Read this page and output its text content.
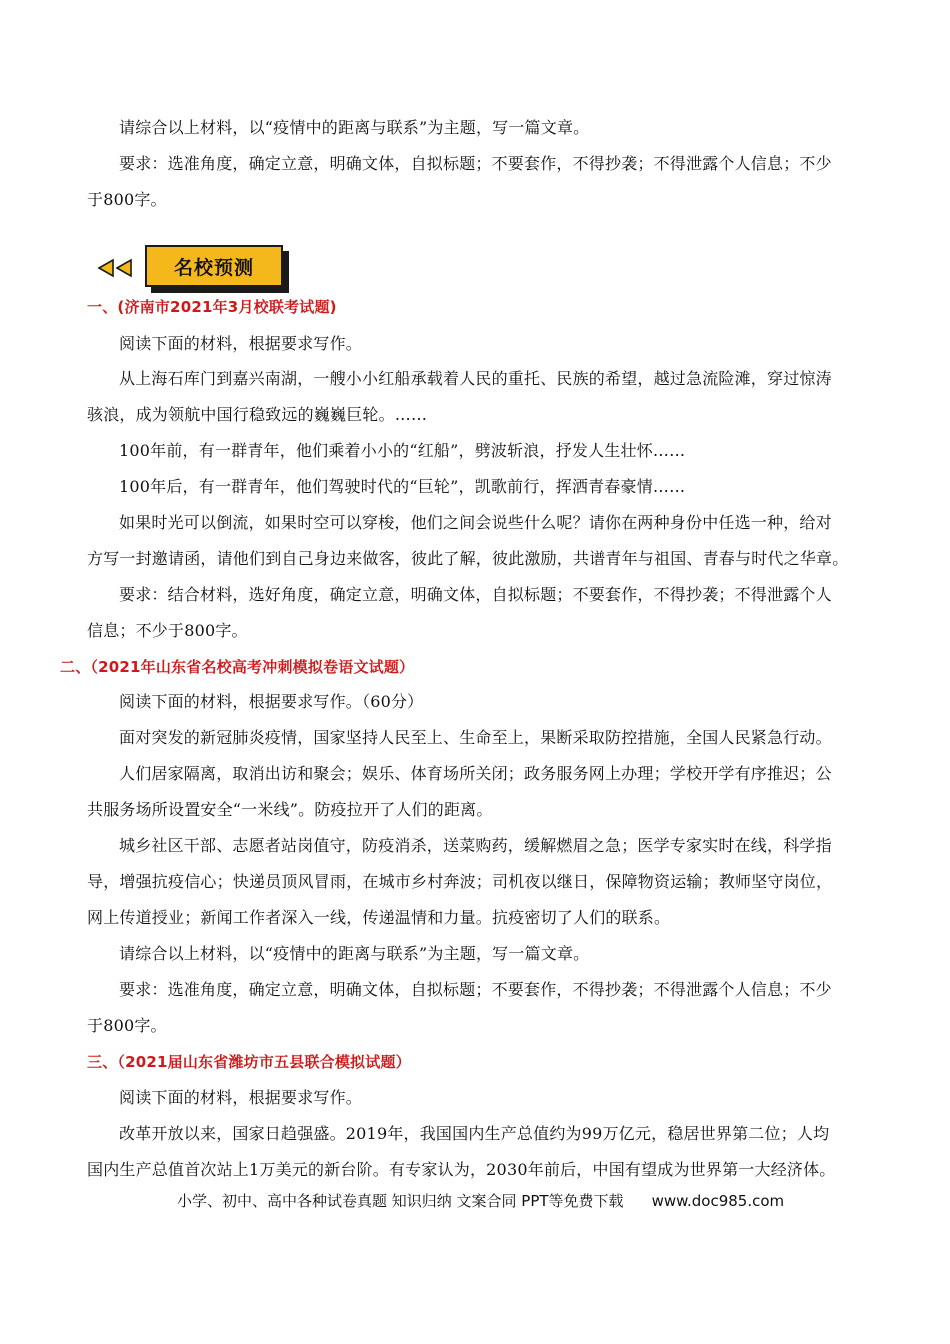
请综合以上材料，以“疫情中的距离与联系”为主题，写一篇文章。
要求：选准角度，确定立意，明确文体，自拟标题；不要套作，不得抄袭；不得泄露个人信息；不少
于800字。
名校预测
一、(济南市2021年3月校联考试题)
阅读下面的材料，根据要求写作。
从上海石库门到嘉兴南湖，一艘小小红船承载着人民的重托、民族的希望，越过急流险滩，穿过惊涛
骇浪，成为领航中国行稳致远的巍巍巨轮。……
100年前，有一群青年，他们乘着小小的“红船”，劈波斩浪，抒发人生壮怀……
100年后，有一群青年，他们驾驶时代的“巨轮”，凯歌前行，挥洒青春豪情……
如果时光可以倒流，如果时空可以穿梭，他们之间会说些什么呢？请你在两种身份中任选一种，给对
方写一封邀请函，请他们到自己身边来做客，彼此了解，彼此激励，共谱青年与祖国、青春与时代之华章。
要求：结合材料，选好角度，确定立意，明确文体，自拟标题；不要套作，不得抄袭；不得泄露个人
信息；不少于800字。
二、（2021年山东省名校高考冲刺模拟卷语文试题）
阅读下面的材料，根据要求写作。（60分）
面对突发的新冠肺炎疫情，国家坚持人民至上、生命至上，果断采取防控措施，全国人民紧急行动。
人们居家隔离，取消出访和聚会；娱乐、体育场所关闭；政务服务网上办理；学校开学有序推迟；公
共服务场所设置安全“一米线”。防疫拉开了人们的距离。
城乡社区干部、志愿者站岗值守，防疫消杀，送菜购药，缓解燃眉之急；医学专家实时在线，科学指
导，增强抗疫信心；快递员顶风冒雨，在城市乡村奔波；司机夜以继日，保障物资运输；教师坚守岗位，
网上传道授业；新闻工作者深入一线，传递温情和力量。抗疫密切了人们的联系。
请综合以上材料，以“疫情中的距离与联系”为主题，写一篇文章。
要求：选准角度，确定立意，明确文体，自拟标题；不要套作，不得抄袭；不得泄露个人信息；不少
于800字。
三、（2021届山东省潍坊市五县联合模拟试题）
阅读下面的材料，根据要求写作。
改革开放以来，国家日趋强盛。2019年，我国国内生产总值约为99万亿元，稳居世界第二位；人均
国内生产总值首次站上1万美元的新台阶。有专家认为，2030年前后，中国有望成为世界第一大经济体。
小学、初中、高中各种试卷真题 知识归纳 文案合同 PPT等免费下载 www.doc985.com
